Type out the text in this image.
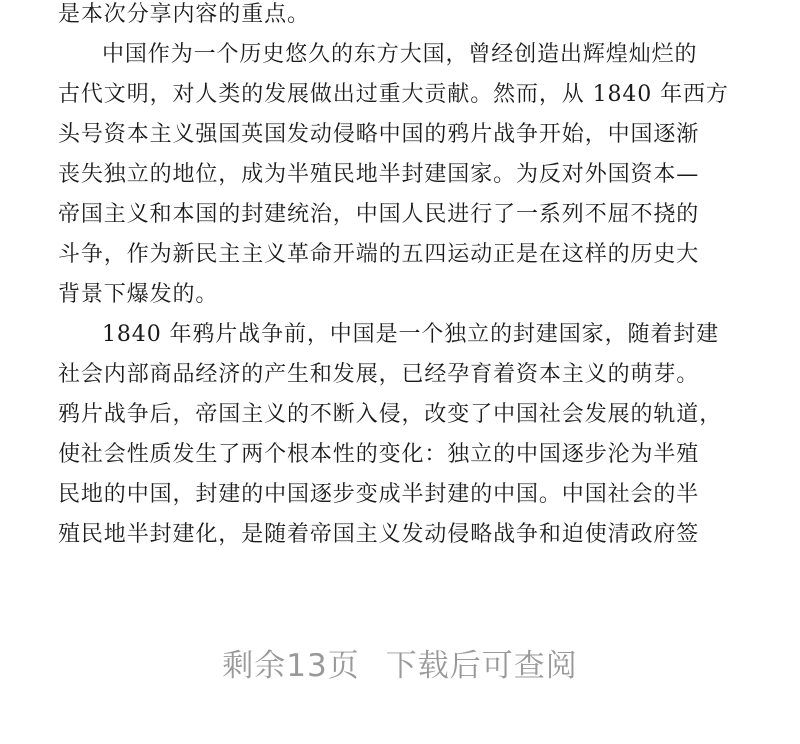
是本次分享内容的重点。
中国作为一个历史悠久的东方大国，曾经创造出辉煌灿烂的
古代文明，对人类的发展做出过重大贡献。然而，从 1840 年西方
头号资本主义强国英国发动侵略中国的鸦片战争开始，中国逐渐
丧失独立的地位，成为半殖民地半封建国家。为反对外国资本—
帝国主义和本国的封建统治，中国人民进行了一系列不屈不挠的
斗争，作为新民主主义革命开端的五四运动正是在这样的历史大
背景下爆发的。
1840 年鸦片战争前，中国是一个独立的封建国家，随着封建
社会内部商品经济的产生和发展，已经孕育着资本主义的萌芽。
鸦片战争后，帝国主义的不断入侵，改变了中国社会发展的轨道，
使社会性质发生了两个根本性的变化：独立的中国逐步沦为半殖
民地的中国，封建的中国逐步变成半封建的中国。中国社会的半
殖民地半封建化，是随着帝国主义发动侵略战争和迫使清政府签
剩余13页 下载后可查阅
